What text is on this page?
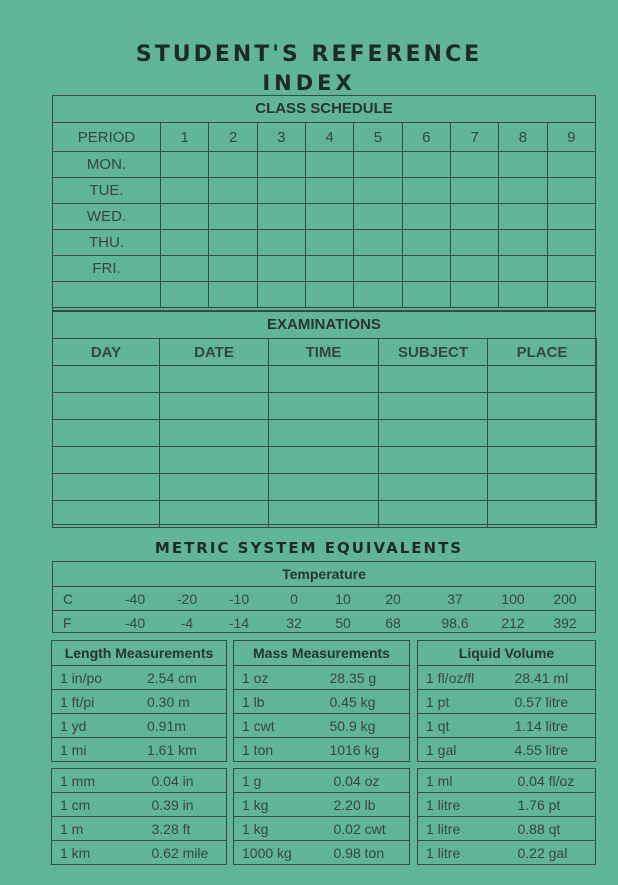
STUDENT'S REFERENCE
INDEX
CLASS SCHEDULE
PERIOD	1	2	3	4	5	6	7	8	9
MON.									
TUE.									
WED.									
THU.									
FRI.									

EXAMINATIONS
DAY	DATE	TIME	SUBJECT	PLACE

METRIC SYSTEM EQUIVALENTS
Temperature
C	-40	-20	-10	0	10	20	37	100	200
F	-40	-4	-14	32	50	68	98.6	212	392
Length Measurements	
1 in/po	2.54 cm
1 ft/pi	0.30 m
1 yd	0.91m
1 mi	1.61 km
1 mm	0.04 in
1 cm	0.39 in
1 m	3.28 ft
1 km	0.62 mile
Mass Measurements	
1 oz	28.35 g
1 lb	0.45 kg
1 cwt	50.9 kg
1 ton	1016 kg
1 g	0.04 oz
1 kg	2.20 lb
1 kg	0.02 cwt
1000 kg	0.98 ton
Liquid Volume	
1 fl/oz/fl	28.41 ml
1 pt	0.57 litre
1 qt	1.14 litre
1 gal	4.55 litre
1 ml	0.04 fl/oz
1 litre	1.76 pt
1 litre	0.88 qt
1 litre	0.22 gal
